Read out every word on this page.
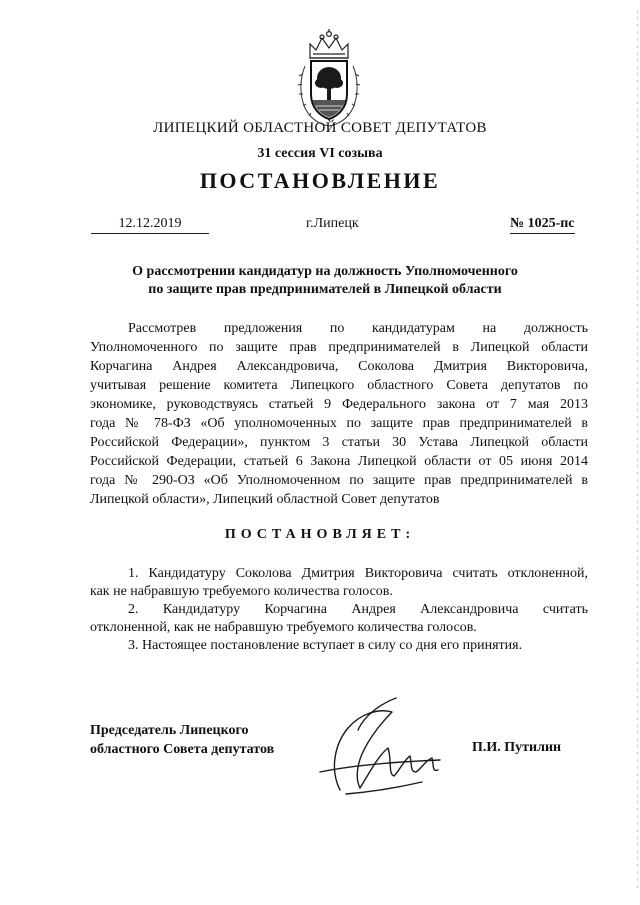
ЛИПЕЦКИЙ ОБЛАСТНОЙ СОВЕТ ДЕПУТАТОВ
31 сессия VI созыва
ПОСТАНОВЛЕНИЕ
12.12.2019	г.Липецк	№ 1025-пс
О рассмотрении кандидатур на должность Уполномоченного
по защите прав предпринимателей в Липецкой области

Рассмотрев предложения по кандидатурам на должность

Уполномоченного по защите прав предпринимателей в Липецкой области

Корчагина Андрея Александровича, Соколова Дмитрия Викторовича,

учитывая решение комитета Липецкого областного Совета депутатов по

экономике, руководствуясь статьей 9 Федерального закона от 7 мая 2013

года № 78-ФЗ «Об уполномоченных по защите прав предпринимателей в

Российской Федерации», пунктом 3 статьи 30 Устава Липецкой области

Российской Федерации, статьей 6 Закона Липецкой области от 05 июня 2014

года № 290-ОЗ «Об Уполномоченном по защите прав предпринимателей в

Липецкой области», Липецкий областной Совет депутатов

ПОСТАНОВЛЯЕТ:

1. Кандидатуру Соколова Дмитрия Викторовича считать отклоненной,

как не набравшую требуемого количества голосов.

2. Кандидатуру Корчагина Андрея Александровича считать

отклоненной, как не набравшую требуемого количества голосов.

3. Настоящее постановление вступает в силу со дня его принятия.

Председатель Липецкого
областного Совета депутатов	П.И. Путилин
